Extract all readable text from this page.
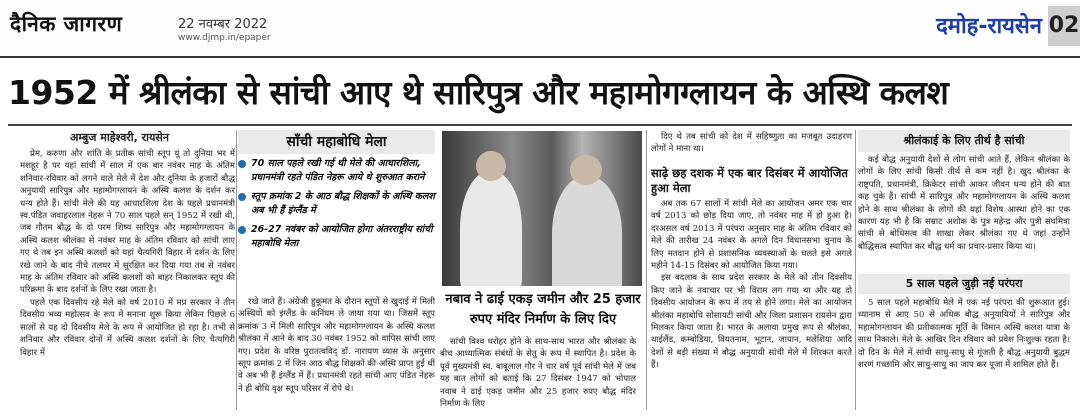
दैनिक जागरण	22 नवम्बर 2022
www.djmp.in/epaper	दमोह-रायसेन 02
1952 में श्रीलंका से सांची आए थे सारिपुत्र और महामोगग्लायन के अस्थि कलश
अम्बुज माहेश्वरी, रायसेन

प्रेम, करुणा और शांति के प्रतीक सांची स्तूप यूं तो दुनिया भर में मशहूर है पर यहां सांची में साल में एक बार नवंबर माह के अंतिम शनिवार-रविवार को लगने वाले मेले में देश और दुनिया के हजारों बौद्ध अनुयायी सारिपुत्र और महामोगग्लायन के अस्थि कलश के दर्शन कर धन्य होते हैं। सांची मेले की यह आधारशिला देश के पहले प्रधानमंत्री स्व.पंडित जवाहरलाल नेहरू ने 70 साल पहले सन् 1952 में रखी थी, जब गौतम बौद्ध के दो परम शिष्य सारिपुत्र और महामोगग्लायन के अस्थि कलश श्रीलंका से नवंबर माह के अंतिम रविवार को सांची लाए गए थे तब इन अस्थि कलशों को यहां चैत्यगिरी विहार में दर्शन के लिए रखे जाने के बाद नीचे तलघर में सुरक्षित कर दिया गया तब से नवंबर माह के अंतिम रविवार को अस्थि कलशों को बाहर निकालकर स्तूप की परिक्रमा के बाद दर्शनों के लिए रखा जाता है।

पहले एक दिवसीय रहे मेले को वर्ष 2010 में मप्र सरकार ने तीन दिवसीय भव्य महोत्सव के रूप में मनाना शुरू किया लेकिन पिछले 6 सालों से यह दो दिवसीय मेले के रूप में आयोजित हो रहा है। तभी से शनिवार और रविवार दोनों में अस्थि कलश दर्शनों के लिए चैत्यगिरी विहार में

साँची महाबोधि मेला
70 साल पहले रखी गई थी मेले की आधारशिला, प्रधानमंत्री रहते पंडित नेहरू आये थे शुरुआत कराने
स्तूप क्रमांक 2 के आठ बौद्ध शिक्षकों के अस्थि कलश अब भी हैं इंग्लैंड में
26-27 नवंबर को आयोजित होगा अंतरराष्ट्रीय सांची महाबोधि मेला

रखे जाते हैं। अंग्रेजी हुकूमत के दौरान स्तूपों से खुदाई में मिली अस्थियों को इंग्लैंड के कनिंघम ले जाया गया था। जिसमें स्तूप क्रमांक 3 में मिली सारिपुत्र और महामोगग्लायन के अस्थि कलश श्रीलंका में आने के बाद 30 नवंबर 1952 को वापिस सांची लाए गए। प्रदेश के वरिष्ठ पुरातत्वविद् डॉ. नारायण व्यास के अनुसार स्तूप क्रमांक 2 में जिन आठ बौद्ध शिक्षकों की अस्थि प्राप्त हुईं थीं वे अब भी हैं इंग्लैंड में हैं। प्रधानमंत्री रहते सांची आए पंडित नेहरू ने ही बोधि वृक्ष स्तूप परिसर में रोपे थे।

नबाव ने ढाई एकड़ जमीन और 25 हजार रुपए मंदिर निर्माण के लिए दिए

सांची विश्व धरोहर होने के साथ-साथ भारत और श्रीलंका के बीच आध्यात्मिक संबंधों के सेतु के रूप में स्थापित है। प्रदेश के पूर्व मुख्यमंत्री स्व. बाबूलाल गौर ने चार वर्ष पूर्व सांची मेले में जब यह बात लोगों को बताई कि 27 दिसंबर 1947 को भोपाल नवाब ने ढाई एकड़ जमीन और 25 हजार रुपए बौद्ध मंदिर निर्माण के लिए

दिए थे तब सांची को देश में सहिष्णुता का मजबूत उदाहरण लोगों ने माना था।

साढ़े छह दशक में एक बार दिसंबर में आयोजित हुआ मेला

अब तक 67 सालों में सांची मेले का आयोजन अमर एक चार वर्ष 2013 को छोड़ दिया जाए, तो नवंबर माह में हो हुआ है। दरअसल वर्ष 2013 में परंपरा अनुसार माह के अंतिम रविवार को मेले की तारीख 24 नवंबर के अगले दिन विधानसभा चुनाव के लिए मतदान होने से प्रशासनिक व्यवस्थाओं के चलते इसे अगले महीने 14-15 दिसंबर को आयोजित किया गया।

इस बदलाव के साथ प्रदेश सरकार के मेले को तीन दिवसीय किए जाने के नवाचार पर भी विराम लग गया था और यह दो दिवसीय आयोजन के रूप में तय से होने लगा। मेले का आयोजन श्रीलंका महाबोधि सोसायटी सांची और जिला प्रशासन रायसेन द्वारा मिलकर किया जाता है। भारत के अलावा प्रमुख रूप से श्रीलंका, थाईलैंड, कम्बोडिया, वियतनाम, भूटान, जापान, मलेशिया आदि देशों से बड़ी संख्या में बौद्ध अनुयायी सांची मेले में शिरकत करते हैं।

श्रीलंकाई के लिए तीर्थ है सांची

कई बौद्ध अनुयायी देशों से लोग सांची आते हैं, लेकिन श्रीलंका के लोगों के लिए सांची किसी तीर्थ से कम नहीं है। खुद श्रीलंका के राष्ट्रपति, प्रधानमंत्री, क्रिकेटर सांची आकर जीवन धन्य होने की बात कह चुके हैं। सांची में सारिपुत्र और महामोगग्लायन के अस्थि कलश होने के साथ श्रीलंका के लोगों की यहां विशेष आस्था होने का एक कारण यह भी है कि सम्राट अशोक के पुत्र महेन्द्र और पुत्री संघमित्रा सांची से बोधिसत्व की शाखा लेकर श्रीलंका गए थे जहां उन्होंने बौद्धिसत्व स्थापित कर बौद्ध धर्म का प्रचार-प्रसार किया था।

5 साल पहले जुड़ी नई परंपरा

5 साल पहले महाबोधि मेले में एक नई परंपरा की शुरूआत हुई। ध्यानाम से आए 50 से अधिक बौद्ध अनुयायियों ने सारिपुत्र और महामोगग्लायन की प्रतीकात्मक मूर्ति के विमान अस्थि कलश यात्रा के साथ निकाले। मेले के आखिर दिन रविवार को प्रवेश निःशुल्क रहता है। दो दिन के मेले में सांची साधु-साधु से गूंजती है बौद्ध अनुयायी बुद्धम शरणं गच्छामि और साधु-साधु का जाप कर पूजा में शामिल होते हैं।
